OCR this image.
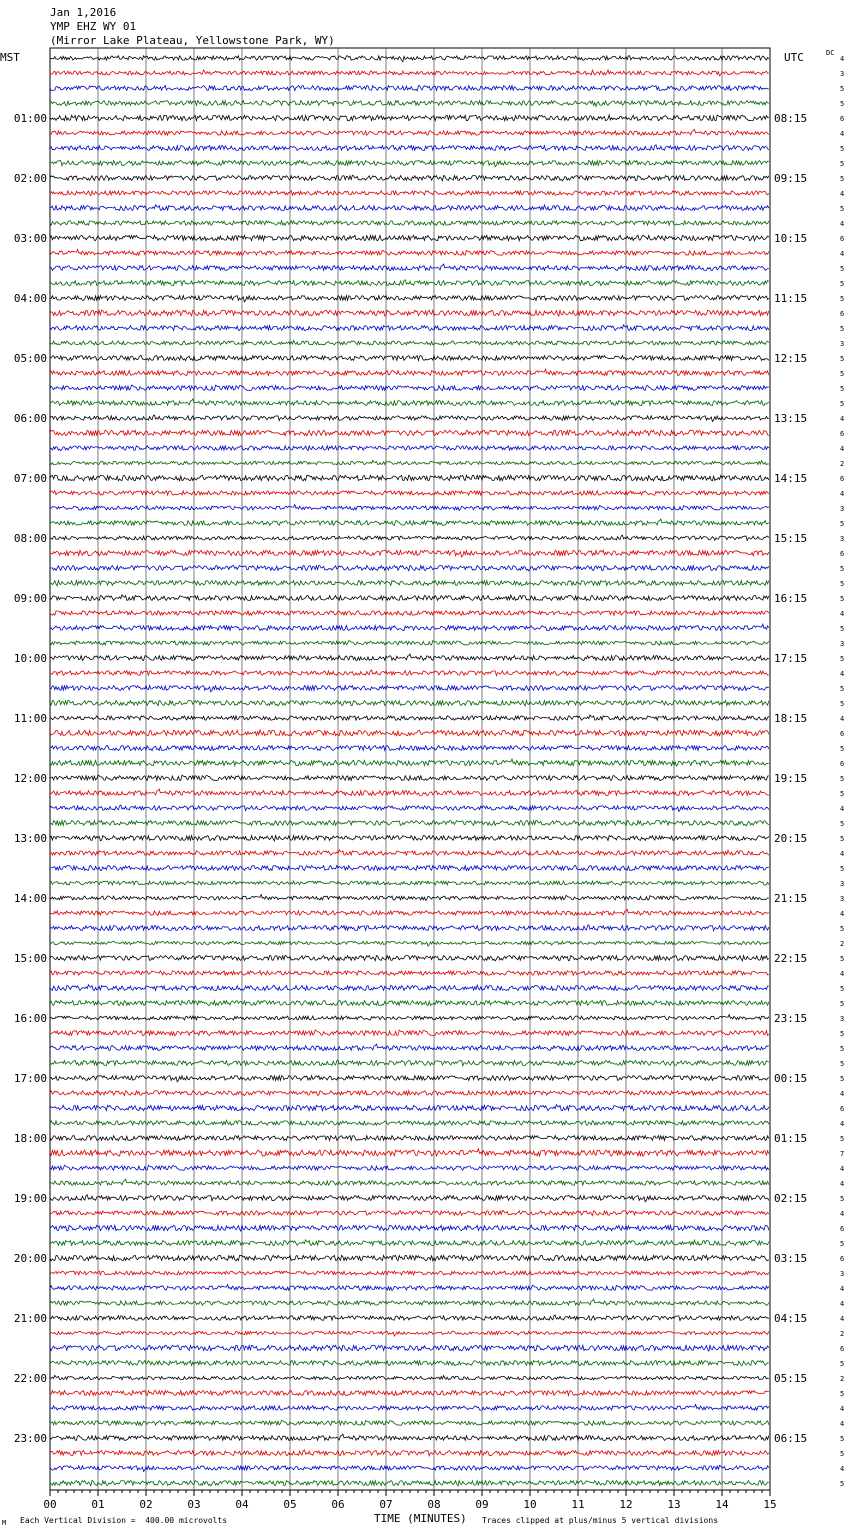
Jan 1,2016
YMP EHZ WY 01
(Mirror Lake Plateau, Yellowstone Park, WY)
MST	UTC	DC
01:00
02:00
03:00
04:00
05:00
06:00
07:00
08:00
09:00
10:00
11:00
12:00
13:00
14:00
15:00
16:00
17:00
18:00
19:00
20:00
21:00
22:00
23:00
08:15
09:15
10:15
11:15
12:15
13:15
14:15
15:15
16:15
17:15
18:15
19:15
20:15
21:15
22:15
23:15
00:15
01:15
02:15
03:15
04:15
05:15
06:15
4
3
5
5
6
4
5
5
5
4
5
4
6
4
5
5
5
6
5
3
5
5
5
5
4
6
4
2
6
4
3
5
3
6
5
5
5
4
5
3
5
4
5
5
4
6
5
6
5
5
4
5
5
4
5
3
3
4
5
2
5
4
5
5
3
5
5
5
5
4
6
4
5
7
4
4
5
4
6
5
6
3
4
4
4
2
6
5
2
5
4
4
5
5
4
5
00	01	02	03	04	05	06	07	08	09	10	11	12	13	14	15
Each Vertical Division =  400.00 microvolts	TIME (MINUTES) Traces clipped at plus/minus 5 vertical divisions
M
